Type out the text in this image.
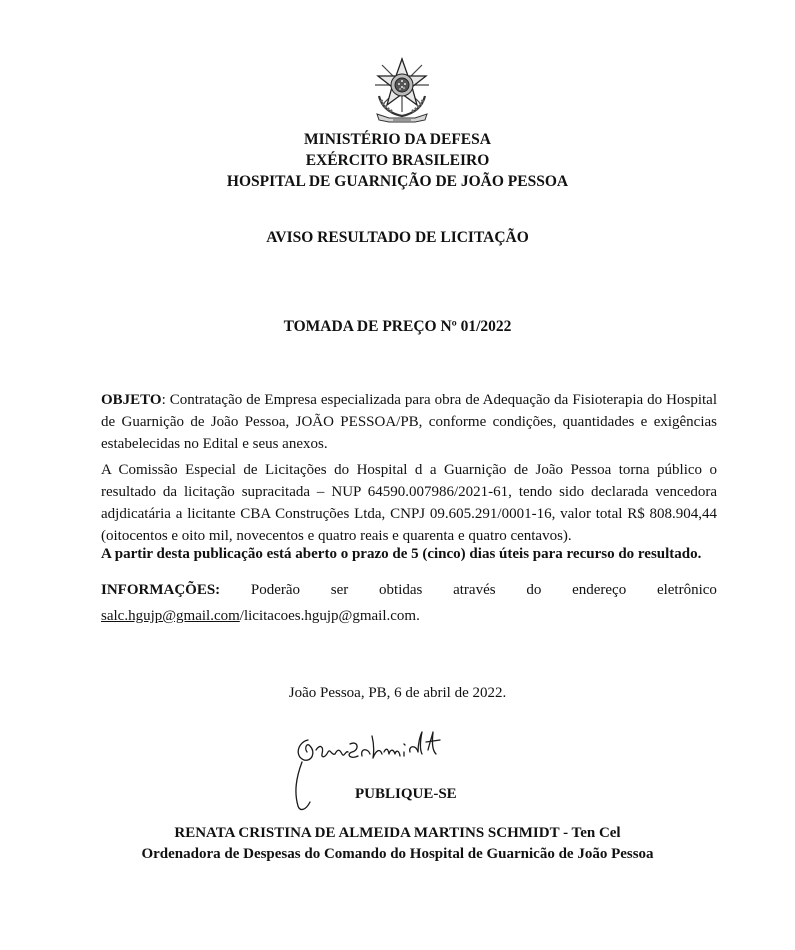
MINISTÉRIO DA DEFESA
EXÉRCITO BRASILEIRO
HOSPITAL DE GUARNIÇÃO DE JOÃO PESSOA
AVISO RESULTADO DE LICITAÇÃO
TOMADA DE PREÇO Nº 01/2022

OBJETO: Contratação de Empresa especializada para obra de Adequação da Fisioterapia do Hospital de Guarnição de João Pessoa, JOÃO PESSOA/PB, conforme condições, quantidades e exigências estabelecidas no Edital e seus anexos.

A Comissão Especial de Licitações do Hospital d a Guarnição de João Pessoa torna público o resultado da licitação supracitada – NUP 64590.007986/2021-61, tendo sido declarada vencedora adjdicatária a licitante CBA Construções Ltda, CNPJ 09.605.291/0001-16, valor total R$ 808.904,44 (oitocentos e oito mil, novecentos e quatro reais e quarenta e quatro centavos).

A partir desta publicação está aberto o prazo de 5 (cinco) dias úteis para recurso do resultado.

INFORMAÇÕES: Poderão ser obtidas através do endereço eletrônico
salc.hgujp@gmail.com/licitacoes.hgujp@gmail.com.
João Pessoa, PB, 6 de abril de 2022.
PUBLIQUE-SE
RENATA CRISTINA DE ALMEIDA MARTINS SCHMIDT - Ten Cel
Ordenadora de Despesas do Comando do Hospital de Guarnicão de João Pessoa
